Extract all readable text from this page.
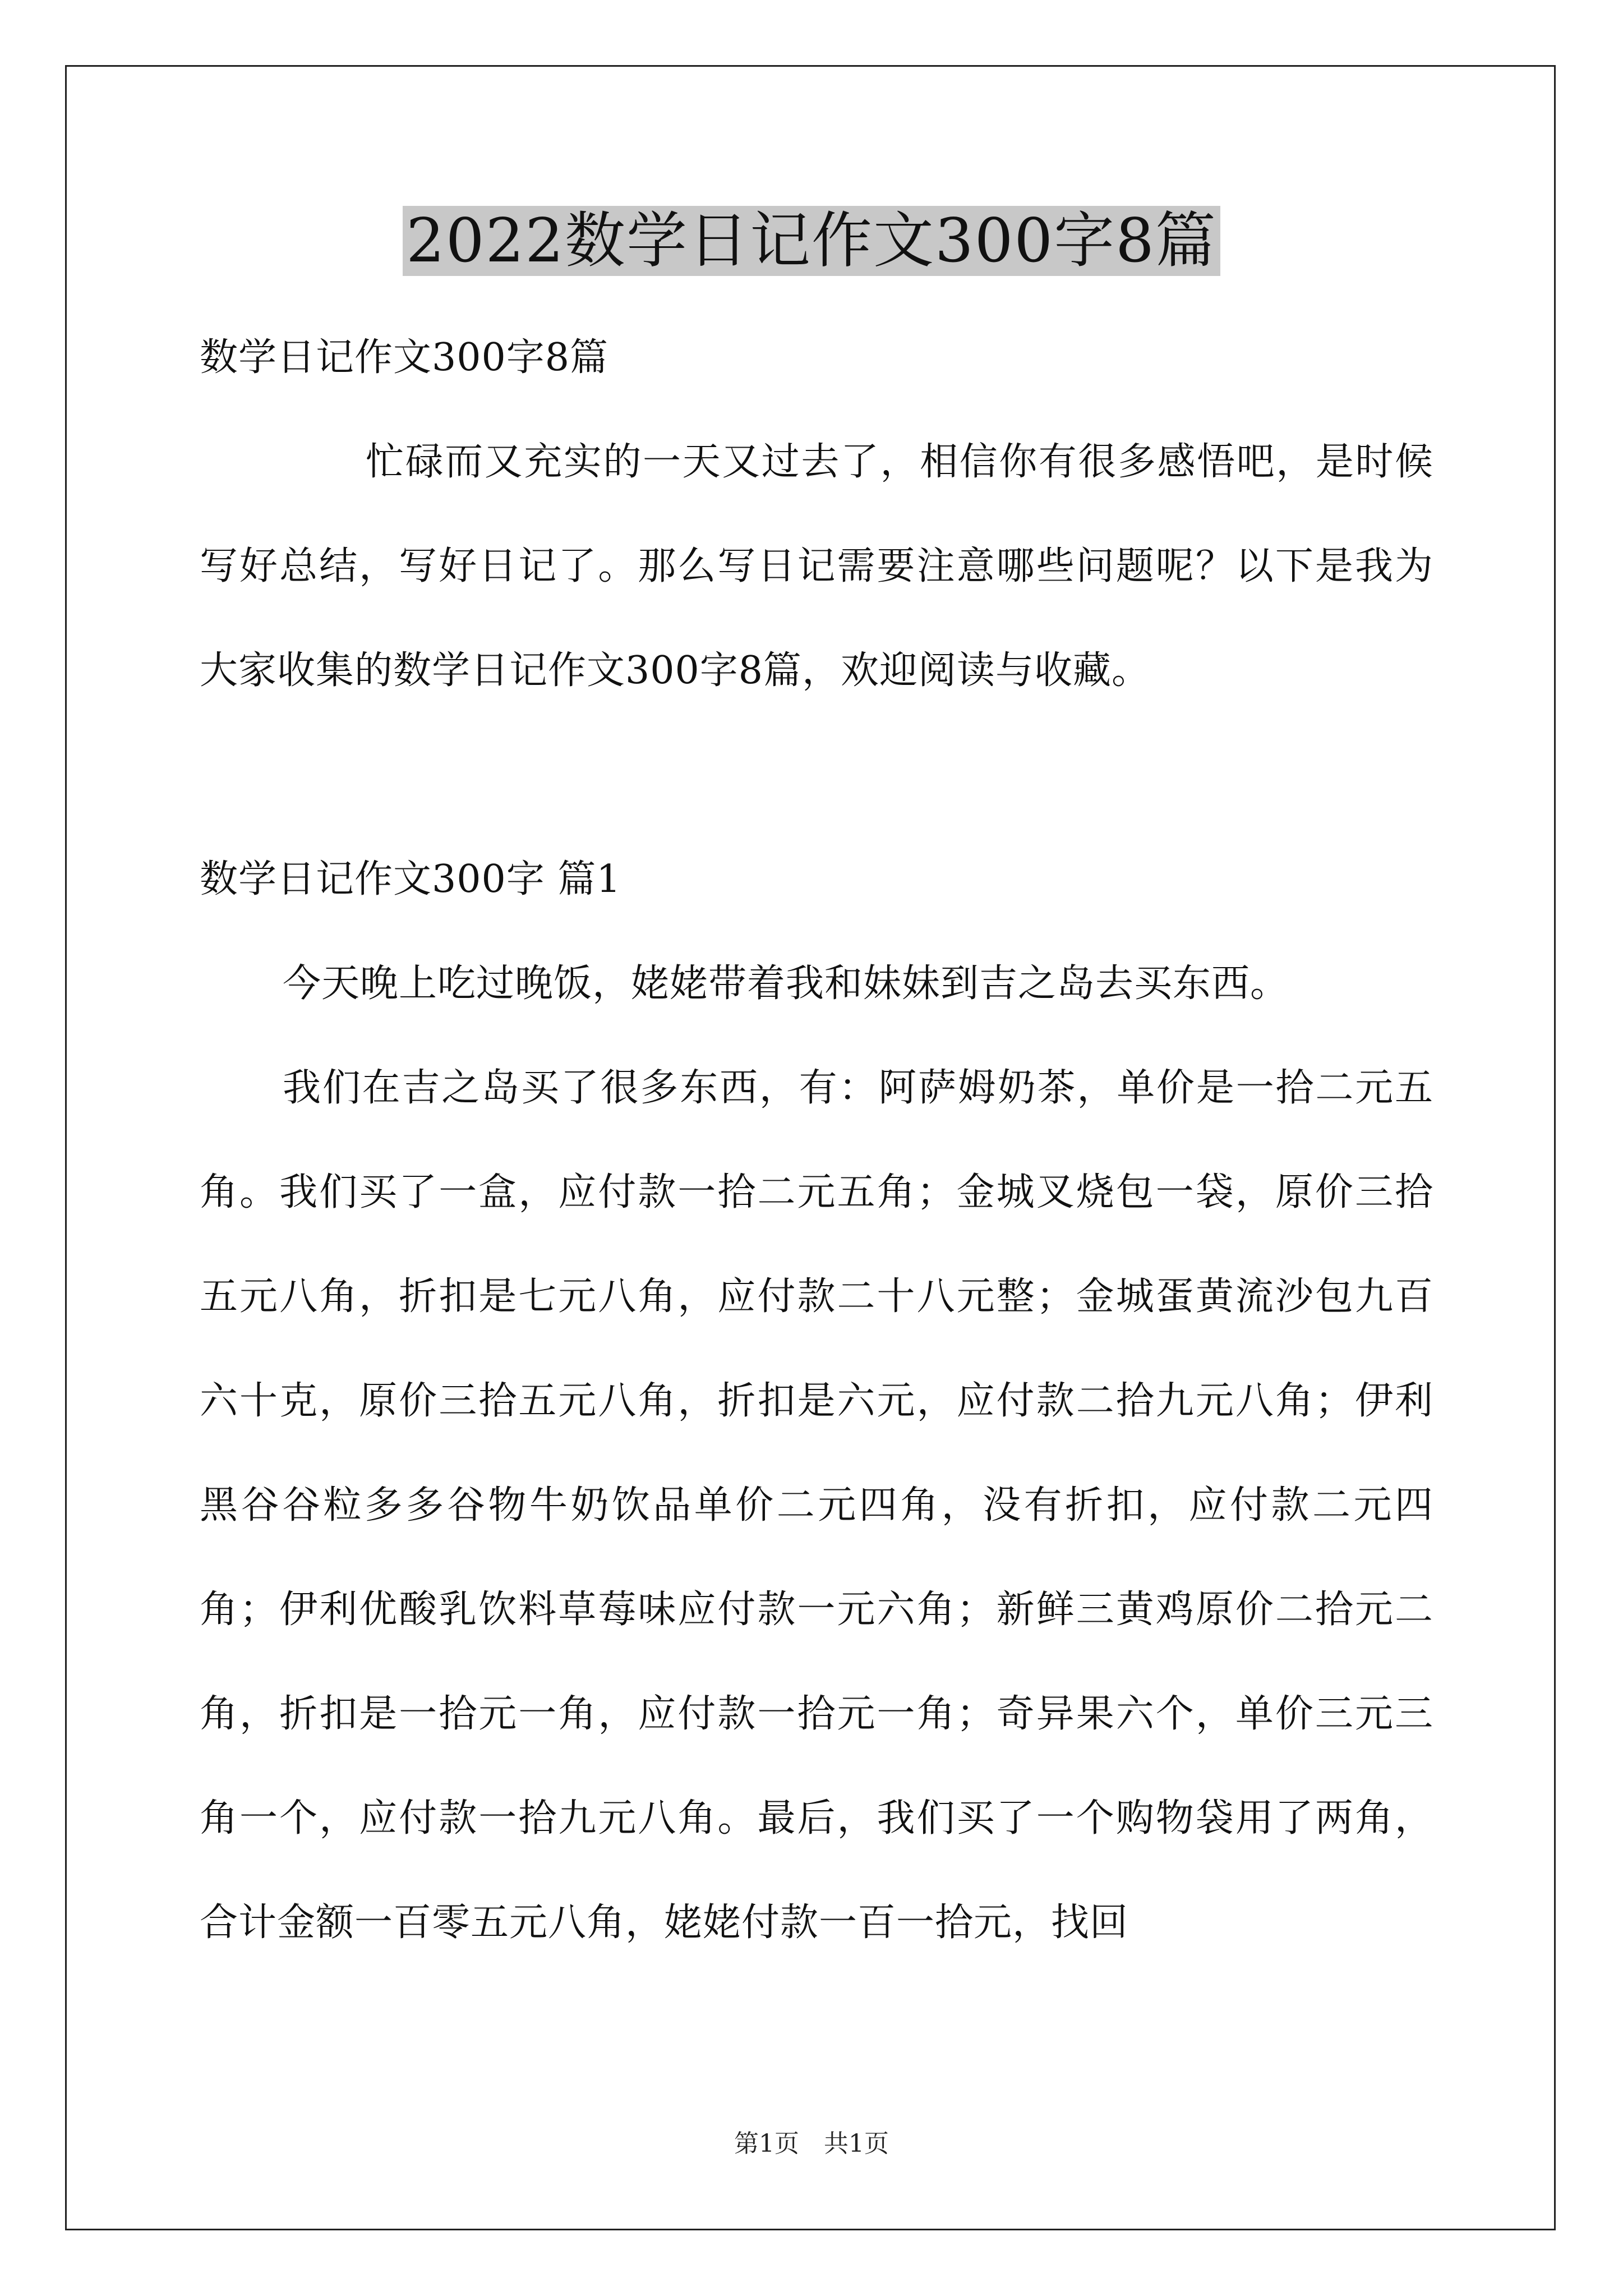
2022数学日记作文300字8篇

数学日记作文300字8篇

忙碌而又充实的一天又过去了，相信你有很多感悟吧，是时候写好总结，写好日记了。那么写日记需要注意哪些问题呢？以下是我为大家收集的数学日记作文300字8篇，欢迎阅读与收藏。

数学日记作文300字 篇1

今天晚上吃过晚饭，姥姥带着我和妹妹到吉之岛去买东西。

我们在吉之岛买了很多东西，有：阿萨姆奶茶，单价是一拾二元五角。我们买了一盒，应付款一拾二元五角；金城叉烧包一袋，原价三拾五元八角，折扣是七元八角，应付款二十八元整；金城蛋黄流沙包九百六十克，原价三拾五元八角，折扣是六元，应付款二拾九元八角；伊利黑谷谷粒多多谷物牛奶饮品单价二元四角，没有折扣，应付款二元四角；伊利优酸乳饮料草莓味应付款一元六角；新鲜三黄鸡原价二拾元二角，折扣是一拾元一角，应付款一拾元一角；奇异果六个，单价三元三角一个，应付款一拾九元八角。最后，我们买了一个购物袋用了两角，合计金额一百零五元八角，姥姥付款一百一拾元，找回

第1页　共1页
